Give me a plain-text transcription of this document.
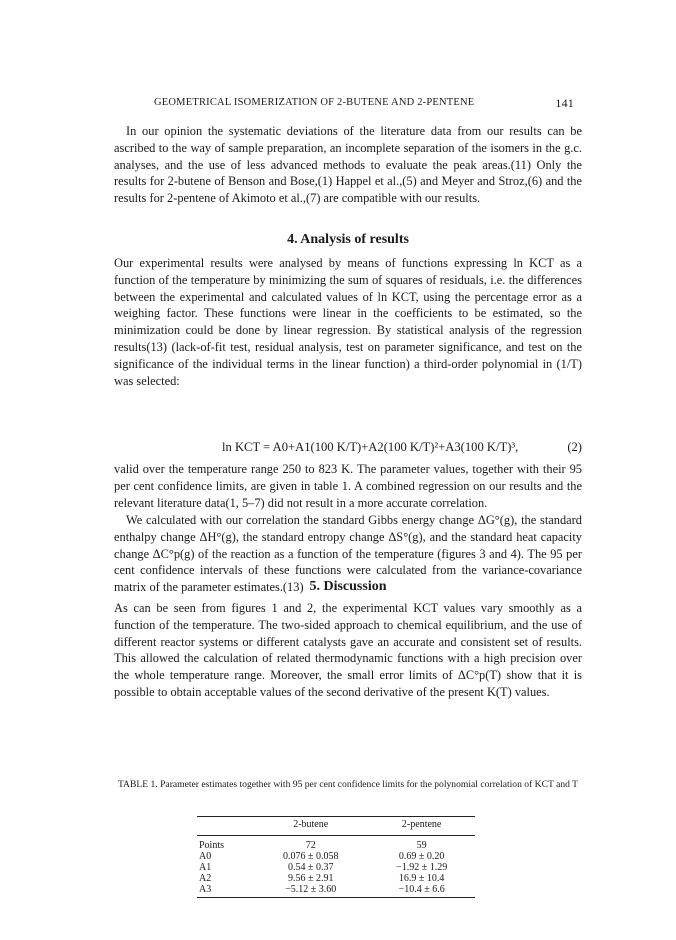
GEOMETRICAL ISOMERIZATION OF 2-BUTENE AND 2-PENTENE	141

In our opinion the systematic deviations of the literature data from our results can be ascribed to the way of sample preparation, an incomplete separation of the isomers in the g.c. analyses, and the use of less advanced methods to evaluate the peak areas.(11) Only the results for 2-butene of Benson and Bose,(1) Happel et al.,(5) and Meyer and Stroz,(6) and the results for 2-pentene of Akimoto et al.,(7) are compatible with our results.

4. Analysis of results

Our experimental results were analysed by means of functions expressing ln KCT as a function of the temperature by minimizing the sum of squares of residuals, i.e. the differences between the experimental and calculated values of ln KCT, using the percentage error as a weighing factor. These functions were linear in the coefficients to be estimated, so the minimization could be done by linear regression. By statistical analysis of the regression results(13) (lack-of-fit test, residual analysis, test on parameter significance, and test on the significance of the individual terms in the linear function) a third-order polynomial in (1/T) was selected:

ln KCT = A0+A1(100 K/T)+A2(100 K/T)²+A3(100 K/T)³,	(2)

valid over the temperature range 250 to 823 K. The parameter values, together with their 95 per cent confidence limits, are given in table 1. A combined regression on our results and the relevant literature data(1, 5–7) did not result in a more accurate correlation.

We calculated with our correlation the standard Gibbs energy change ΔG°(g), the standard enthalpy change ΔH°(g), the standard entropy change ΔS°(g), and the standard heat capacity change ΔC°p(g) of the reaction as a function of the temperature (figures 3 and 4). The 95 per cent confidence intervals of these functions were calculated from the variance-covariance matrix of the parameter estimates.(13) 5. Discussion

As can be seen from figures 1 and 2, the experimental KCT values vary smoothly as a function of the temperature. The two-sided approach to chemical equilibrium, and the use of different reactor systems or different catalysts gave an accurate and consistent set of results. This allowed the calculation of related thermodynamic functions with a high precision over the whole temperature range. Moreover, the small error limits of ΔC°p(T) show that it is possible to obtain acceptable values of the second derivative of the present K(T) values.

TABLE 1. Parameter estimates together with 95 per cent confidence limits for the polynomial correlation of KCT and T
	2-butene	2-pentene
Points	72	59
A0	0.076 ± 0.058	0.69 ± 0.20
A1	0.54 ± 0.37	−1.92 ± 1.29
A2	9.56 ± 2.91	16.9 ± 10.4
A3	−5.12 ± 3.60	−10.4 ± 6.6
